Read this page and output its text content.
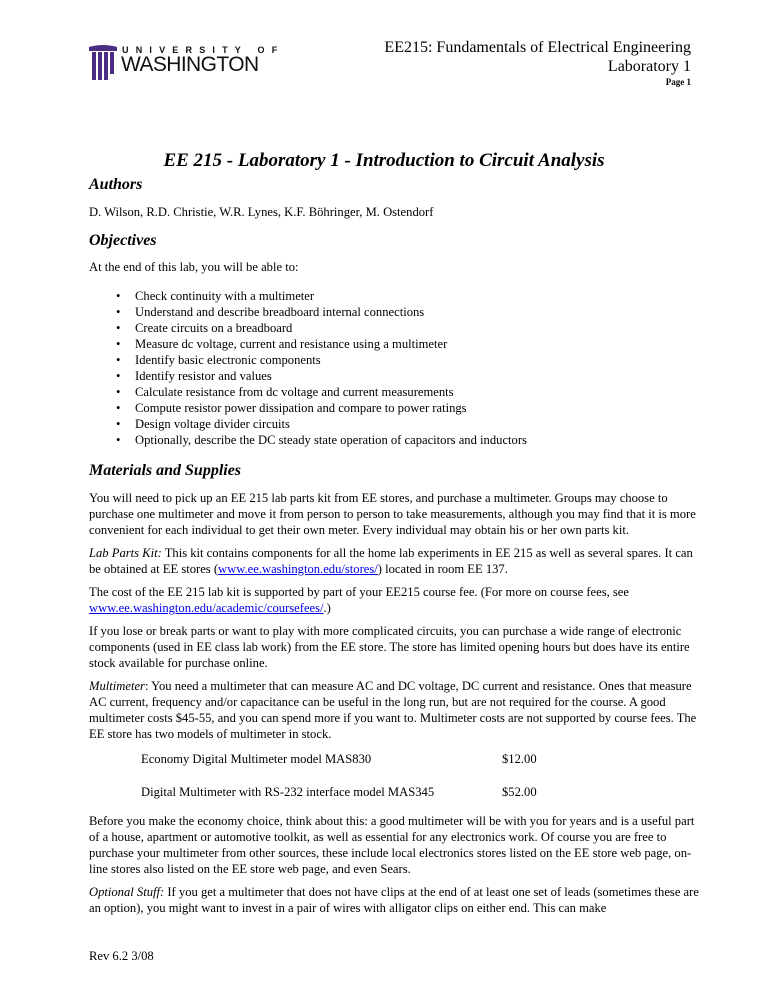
UNIVERSITY OF
WASHINGTON
EE215: Fundamentals of Electrical Engineering
Laboratory 1
Page 1
EE 215 - Laboratory 1 - Introduction to Circuit Analysis
Authors

D. Wilson, R.D. Christie, W.R. Lynes, K.F. Böhringer, M. Ostendorf

Objectives

At the end of this lab, you will be able to:

• Check continuity with a multimeter
• Understand and describe breadboard internal connections
• Create circuits on a breadboard
• Measure dc voltage, current and resistance using a multimeter
• Identify basic electronic components
• Identify resistor and values
• Calculate resistance from dc voltage and current measurements
• Compute resistor power dissipation and compare to power ratings
• Design voltage divider circuits
• Optionally, describe the DC steady state operation of capacitors and inductors
Materials and Supplies

You will need to pick up an EE 215 lab parts kit from EE stores, and purchase a multimeter. Groups may choose to purchase one multimeter and move it from person to person to take measurements, although you may find that it is more convenient for each individual to get their own meter. Every individual may obtain his or her own parts kit.

Lab Parts Kit: This kit contains components for all the home lab experiments in EE 215 as well as several spares. It can be obtained at EE stores (www.ee.washington.edu/stores/) located in room EE 137.

The cost of the EE 215 lab kit is supported by part of your EE215 course fee. (For more on course fees, see www.ee.washington.edu/academic/coursefees/.)

If you lose or break parts or want to play with more complicated circuits, you can purchase a wide range of electronic components (used in EE class lab work) from the EE store. The store has limited opening hours but does have its entire stock available for purchase online.

Multimeter: You need a multimeter that can measure AC and DC voltage, DC current and resistance. Ones that measure AC current, frequency and/or capacitance can be useful in the long run, but are not required for the course. A good multimeter costs $45-55, and you can spend more if you want to. Multimeter costs are not supported by course fees. The EE store has two models of multimeter in stock.

Economy Digital Multimeter model MAS830	$12.00
Digital Multimeter with RS-232 interface model MAS345	$52.00

Before you make the economy choice, think about this: a good multimeter will be with you for years and is a useful part of a house, apartment or automotive toolkit, as well as essential for any electronics work. Of course you are free to purchase your multimeter from other sources, these include local electronics stores listed on the EE store web page, on-line stores also listed on the EE store web page, and even Sears.

Optional Stuff: If you get a multimeter that does not have clips at the end of at least one set of leads (sometimes these are an option), you might want to invest in a pair of wires with alligator clips on either end. This can make

Rev 6.2 3/08
